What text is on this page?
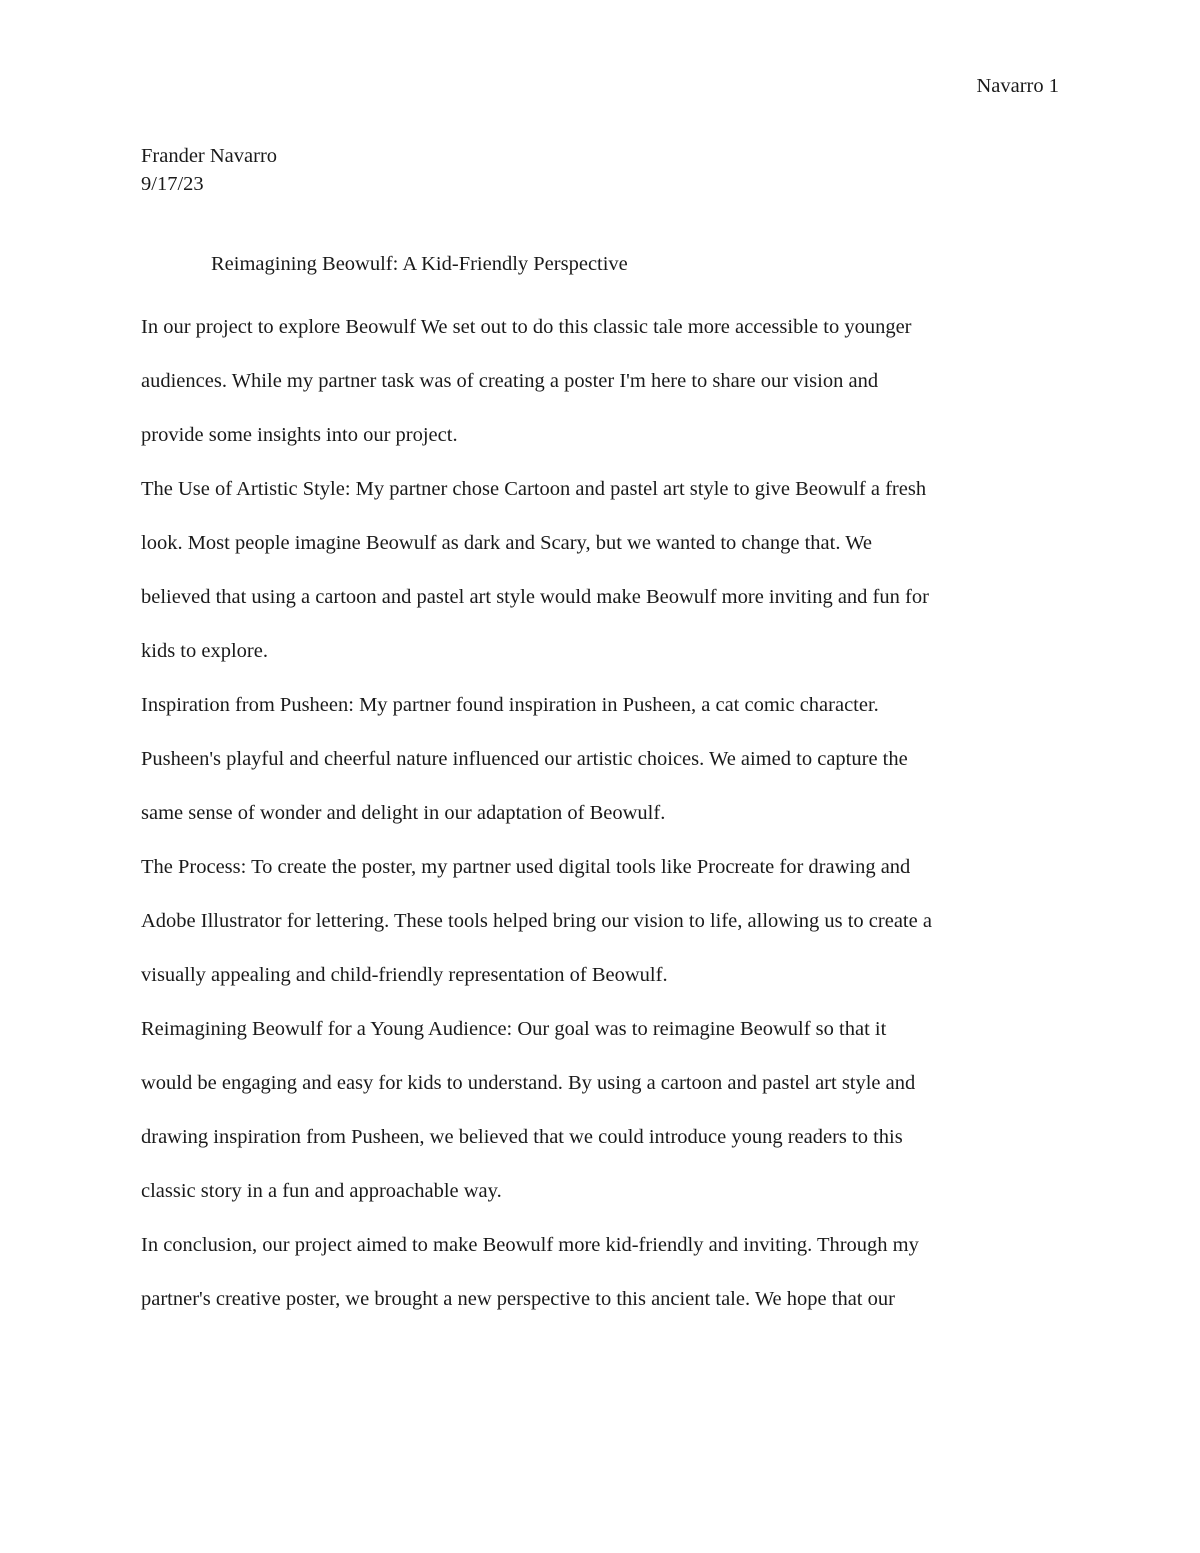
Navarro 1
Frander Navarro
9/17/23
Reimagining Beowulf: A Kid-Friendly Perspective
In our project to explore Beowulf We set out to do this classic tale more accessible to younger
audiences. While my partner task was of creating a poster I'm here to share our vision and
provide some insights into our project.
The Use of Artistic Style: My partner chose Cartoon and pastel art style to give Beowulf a fresh
look. Most people imagine Beowulf as dark and Scary, but we wanted to change that. We
believed that using a cartoon and pastel art style would make Beowulf more inviting and fun for
kids to explore.
Inspiration from Pusheen: My partner found inspiration in Pusheen, a cat comic character.
Pusheen's playful and cheerful nature influenced our artistic choices. We aimed to capture the
same sense of wonder and delight in our adaptation of Beowulf.
The Process: To create the poster, my partner used digital tools like Procreate for drawing and
Adobe Illustrator for lettering. These tools helped bring our vision to life, allowing us to create a
visually appealing and child-friendly representation of Beowulf.
Reimagining Beowulf for a Young Audience: Our goal was to reimagine Beowulf so that it
would be engaging and easy for kids to understand. By using a cartoon and pastel art style and
drawing inspiration from Pusheen, we believed that we could introduce young readers to this
classic story in a fun and approachable way.
In conclusion, our project aimed to make Beowulf more kid-friendly and inviting. Through my
partner's creative poster, we brought a new perspective to this ancient tale. We hope that our
